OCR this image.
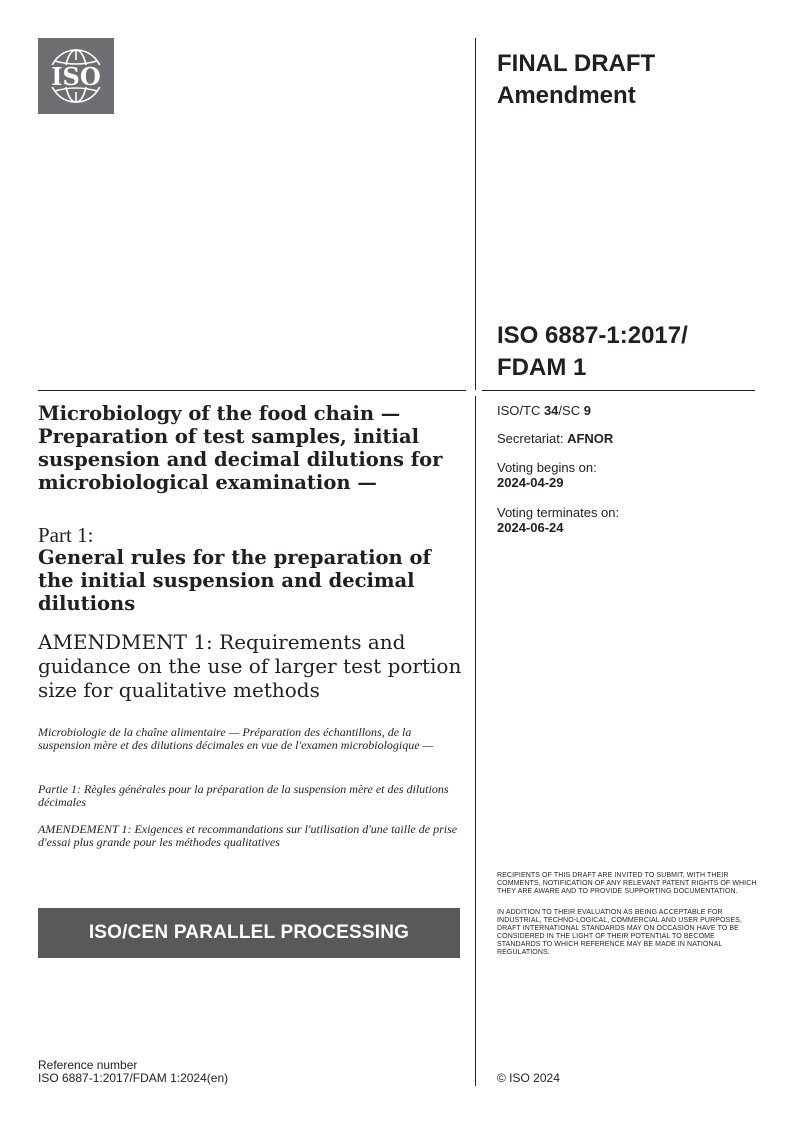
ISO	FINAL DRAFT
Amendment
ISO 6887-1:2017/
FDAM 1
ISO/TC 34/SC 9
Secretariat: AFNOR
Voting begins on:
2024-04-29
Voting terminates on:
2024-06-24
Microbiology of the food chain — Preparation of test samples, initial suspension and decimal dilutions for microbiological examination —
Part 1:
General rules for the preparation of the initial suspension and decimal dilutions
AMENDMENT 1: Requirements and guidance on the use of larger test portion size for qualitative methods
Microbiologie de la chaîne alimentaire — Préparation des échantillons, de la suspension mère et des dilutions décimales en vue de l'examen microbiologique —
Partie 1: Règles générales pour la préparation de la suspension mère et des dilutions décimales
AMENDEMENT 1: Exigences et recommandations sur l'utilisation d'une taille de prise d'essai plus grande pour les méthodes qualitatives
ISO/CEN PARALLEL PROCESSING
RECIPIENTS OF THIS DRAFT ARE INVITED TO SUBMIT, WITH THEIR COMMENTS, NOTIFICATION OF ANY RELEVANT PATENT RIGHTS OF WHICH THEY ARE AWARE AND TO PROVIDE SUPPORTING DOCUMENTATION.
IN ADDITION TO THEIR EVALUATION AS BEING ACCEPTABLE FOR INDUSTRIAL, TECHNO-LOGICAL, COMMERCIAL AND USER PURPOSES, DRAFT INTERNATIONAL STANDARDS MAY ON OCCASION HAVE TO BE CONSIDERED IN THE LIGHT OF THEIR POTENTIAL TO BECOME STANDARDS TO WHICH REFERENCE MAY BE MADE IN NATIONAL REGULATIONS.
Reference number
ISO 6887-1:2017/FDAM 1:2024(en)	© ISO 2024
